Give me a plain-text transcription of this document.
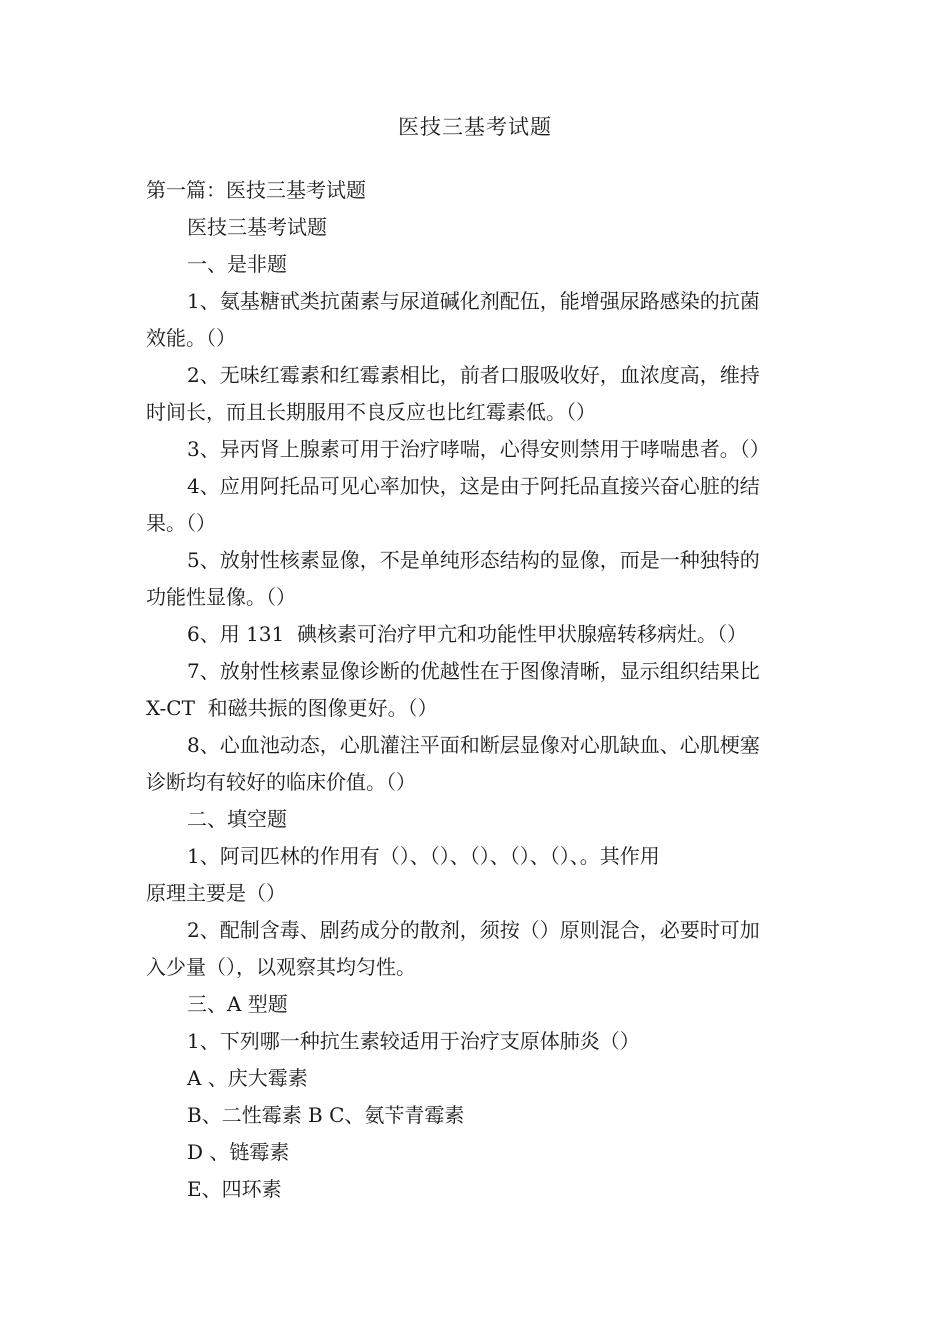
医技三基考试题

第一篇：医技三基考试题

医技三基考试题

一、是非题

1、氨基糖甙类抗菌素与尿道碱化剂配伍，能增强尿路感染的抗菌

效能。（）

2、无味红霉素和红霉素相比，前者口服吸收好，血浓度高，维持

时间长，而且长期服用不良反应也比红霉素低。（）

3、异丙肾上腺素可用于治疗哮喘，心得安则禁用于哮喘患者。（）

4、应用阿托品可见心率加快，这是由于阿托品直接兴奋心脏的结

果。（）

5、放射性核素显像，不是单纯形态结构的显像，而是一种独特的

功能性显像。（）

6、用 131  碘核素可治疗甲亢和功能性甲状腺癌转移病灶。（）

7、放射性核素显像诊断的优越性在于图像清晰，显示组织结果比

X-CT  和磁共振的图像更好。（）

8、心血池动态，心肌灌注平面和断层显像对心肌缺血、心肌梗塞

诊断均有较好的临床价值。（）

二、填空题

1、阿司匹林的作用有（）、（）、（）、（）、（）、。其作用

原理主要是（）

2、配制含毒、剧药成分的散剂，须按（）原则混合，必要时可加

入少量（），以观察其均匀性。

三、A 型题

1、下列哪一种抗生素较适用于治疗支原体肺炎（）

A 、庆大霉素

B、二性霉素 B C、氨苄青霉素

D 、链霉素

E、四环素
